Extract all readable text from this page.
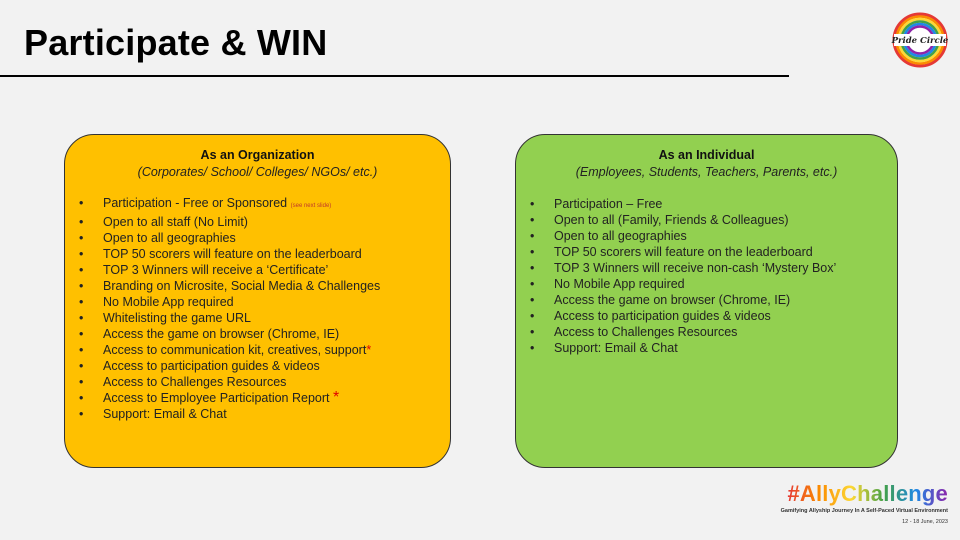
Participate & WIN	Pride Circle
As an Organization
(Corporates/ School/ Colleges/ NGOs/ etc.)
• Participation - Free or Sponsored (see next slide)
• Open to all staff (No Limit)
• Open to all geographies
• TOP 50 scorers will feature on the leaderboard
• TOP 3 Winners will receive a ‘Certificate’
• Branding on Microsite, Social Media & Challenges
• No Mobile App required
• Whitelisting the game URL
• Access the game on browser (Chrome, IE)
• Access to communication kit, creatives, support*
• Access to participation guides & videos
• Access to Challenges Resources
• Access to Employee Participation Report *
• Support: Email & Chat
As an Individual
(Employees, Students, Teachers, Parents, etc.)
• Participation – Free
• Open to all (Family, Friends & Colleagues)
• Open to all geographies
• TOP 50 scorers will feature on the leaderboard
• TOP 3 Winners will receive non-cash ‘Mystery Box’
• No Mobile App required
• Access the game on browser (Chrome, IE)
• Access to participation guides & videos
• Access to Challenges Resources
• Support: Email & Chat
#AllyChallenge
Gamifying Allyship Journey In A Self-Paced Virtual Environment
12 - 18 June, 2023
